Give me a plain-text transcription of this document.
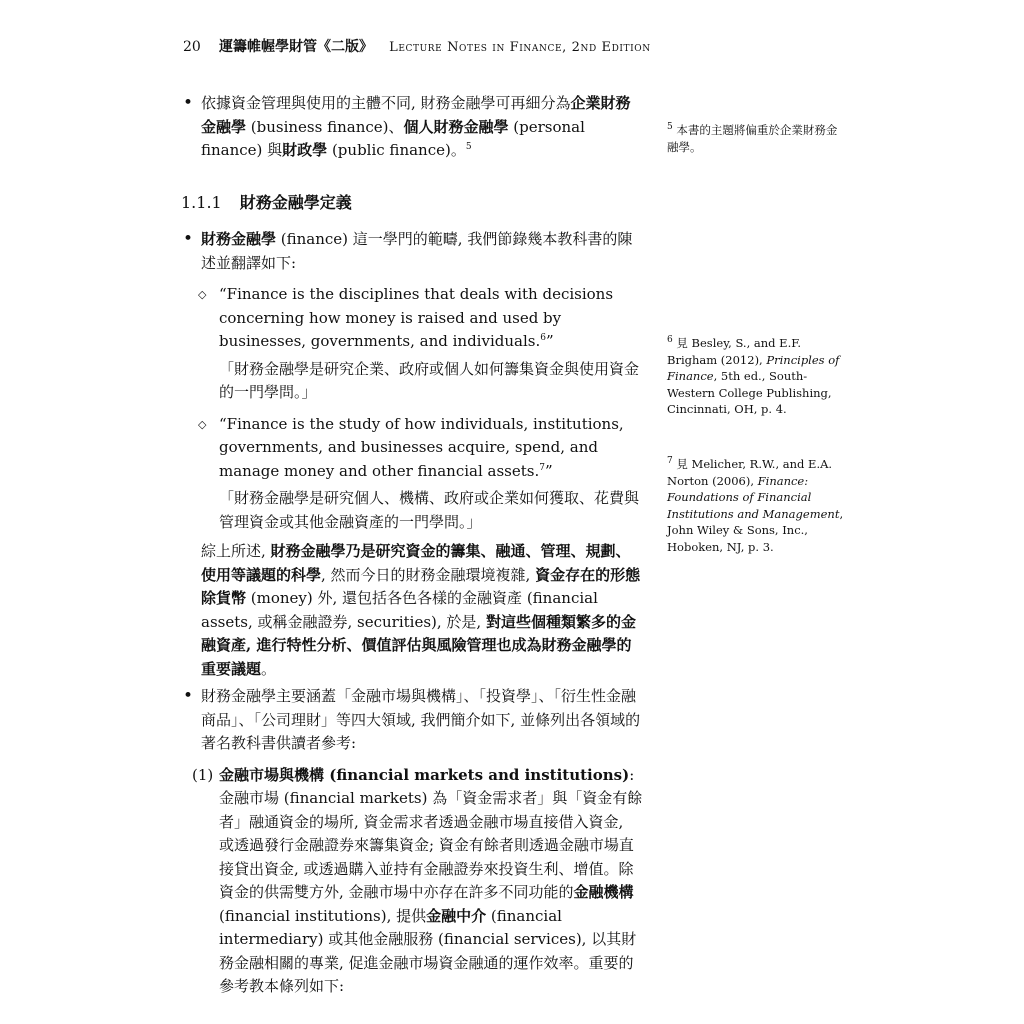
20 運籌帷幄學財管《二版》 Lecture Notes in Finance, 2nd Edition
• 依據資金管理與使用的主體不同, 財務金融學可再細分為企業財務金融學 (business finance)、個人財務金融學 (personal finance) 與財政學 (public finance)。$^5$
1.1.1 財務金融學定義
• 財務金融學 (finance) 這一學門的範疇, 我們節錄幾本教科書的陳述並翻譯如下:
◇ “Finance is the disciplines that deals with decisions concerning how money is raised and used by businesses, governments, and individuals.$^6$”
「財務金融學是研究企業、政府或個人如何籌集資金與使用資金的一門學問。」
◇ “Finance is the study of how individuals, institutions, governments, and businesses acquire, spend, and manage money and other financial assets.$^7$”
「財務金融學是研究個人、機構、政府或企業如何獲取、花費與管理資金或其他金融資產的一門學問。」
綜上所述, 財務金融學乃是研究資金的籌集、融通、管理、規劃、使用等議題的科學, 然而今日的財務金融環境複雜, 資金存在的形態除貨幣 (money) 外, 還包括各色各樣的金融資產 (financial assets, 或稱金融證券, securities), 於是, 對這些個種類繁多的金融資產, 進行特性分析、價值評估與風險管理也成為財務金融學的重要議題。
• 財務金融學主要涵蓋「金融市場與機構」、「投資學」、「衍生性金融商品」、「公司理財」等四大領域, 我們簡介如下, 並條列出各領域的著名教科書供讀者參考:
(1) 金融市場與機構 (financial markets and institutions):
金融市場 (financial markets) 為「資金需求者」與「資金有餘者」融通資金的場所, 資金需求者透過金融市場直接借入資金, 或透過發行金融證券來籌集資金; 資金有餘者則透過金融市場直接貸出資金, 或透過購入並持有金融證券來投資生利、增值。除資金的供需雙方外, 金融市場中亦存在許多不同功能的金融機構 (financial institutions), 提供金融中介 (financial intermediary) 或其他金融服務 (financial services), 以其財務金融相關的專業, 促進金融市場資金融通的運作效率。重要的參考教本條列如下:
$^5$ 本書的主題將偏重於企業財務金融學。
$^6$ 見 Besley, S., and E.F. Brigham (2012), Principles of Finance, 5th ed., South-Western College Publishing, Cincinnati, OH, p. 4.
$^7$ 見 Melicher, R.W., and E.A. Norton (2006), Finance: Foundations of Financial Institutions and Management, John Wiley & Sons, Inc., Hoboken, NJ, p. 3.
